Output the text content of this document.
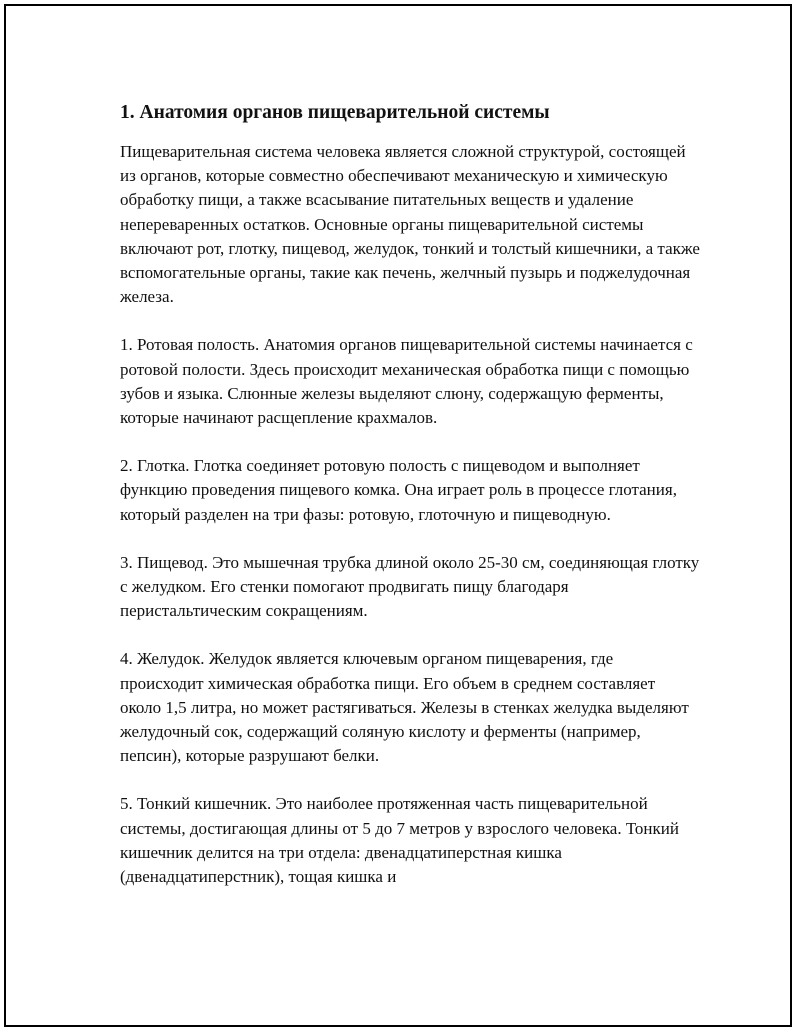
1. Анатомия органов пищеварительной системы

Пищеварительная система человека является сложной структурой, состоящей из органов, которые совместно обеспечивают механическую и химическую обработку пищи, а также всасывание питательных веществ и удаление непереваренных остатков. Основные органы пищеварительной системы включают рот, глотку, пищевод, желудок, тонкий и толстый кишечники, а также вспомогательные органы, такие как печень, желчный пузырь и поджелудочная железа.

1. Ротовая полость. Анатомия органов пищеварительной системы начинается с ротовой полости. Здесь происходит механическая обработка пищи с помощью зубов и языка. Слюнные железы выделяют слюну, содержащую ферменты, которые начинают расщепление крахмалов.

2. Глотка. Глотка соединяет ротовую полость с пищеводом и выполняет функцию проведения пищевого комка. Она играет роль в процессе глотания, который разделен на три фазы: ротовую, глоточную и пищеводную.

3. Пищевод. Это мышечная трубка длиной около 25-30 см, соединяющая глотку с желудком. Его стенки помогают продвигать пищу благодаря перистальтическим сокращениям.

4. Желудок. Желудок является ключевым органом пищеварения, где происходит химическая обработка пищи. Его объем в среднем составляет около 1,5 литра, но может растягиваться. Железы в стенках желудка выделяют желудочный сок, содержащий соляную кислоту и ферменты (например, пепсин), которые разрушают белки.

5. Тонкий кишечник. Это наиболее протяженная часть пищеварительной системы, достигающая длины от 5 до 7 метров у взрослого человека. Тонкий кишечник делится на три отдела: двенадцатиперстная кишка (двенадцатиперстник), тощая кишка и
